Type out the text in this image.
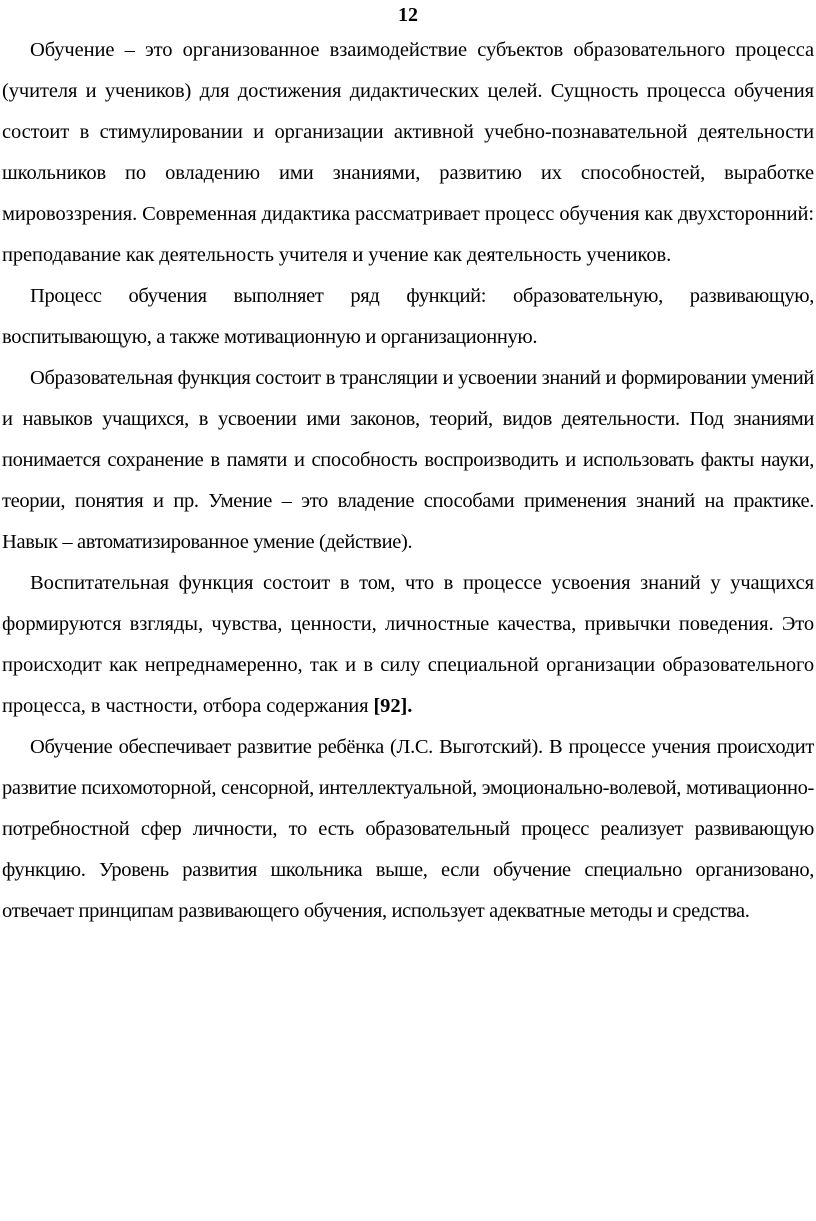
12

Обучение – это организованное взаимодействие субъектов образовательного процесса (учителя и учеников) для достижения дидактических целей. Сущность процесса обучения состоит в стимулировании и организации активной учебно-познавательной деятельности школьников по овладению ими знаниями, развитию их способностей, выработке мировоззрения. Современная дидактика рассматривает процесс обучения как двухсторонний: преподавание как деятельность учителя и учение как деятельность учеников.

Процесс обучения выполняет ряд функций: образовательную, развивающую, воспитывающую, а также мотивационную и организационную.

Образовательная функция состоит в трансляции и усвоении знаний и формировании умений и навыков учащихся, в усвоении ими законов, теорий, видов деятельности. Под знаниями понимается сохранение в памяти и способность воспроизводить и использовать факты науки, теории, понятия и пр. Умение – это владение способами применения знаний на практике. Навык – автоматизированное умение (действие).

Воспитательная функция состоит в том, что в процессе усвоения знаний у учащихся формируются взгляды, чувства, ценности, личностные качества, привычки поведения. Это происходит как непреднамеренно, так и в силу специальной организации образовательного процесса, в частности, отбора содержания [92].

Обучение обеспечивает развитие ребёнка (Л.С. Выготский). В процессе учения происходит развитие психомоторной, сенсорной, интеллектуальной, эмоционально-волевой, мотивационно-потребностной сфер личности, то есть образовательный процесс реализует развивающую функцию. Уровень развития школьника выше, если обучение специально организовано, отвечает принципам развивающего обучения, использует адекватные методы и средства.
